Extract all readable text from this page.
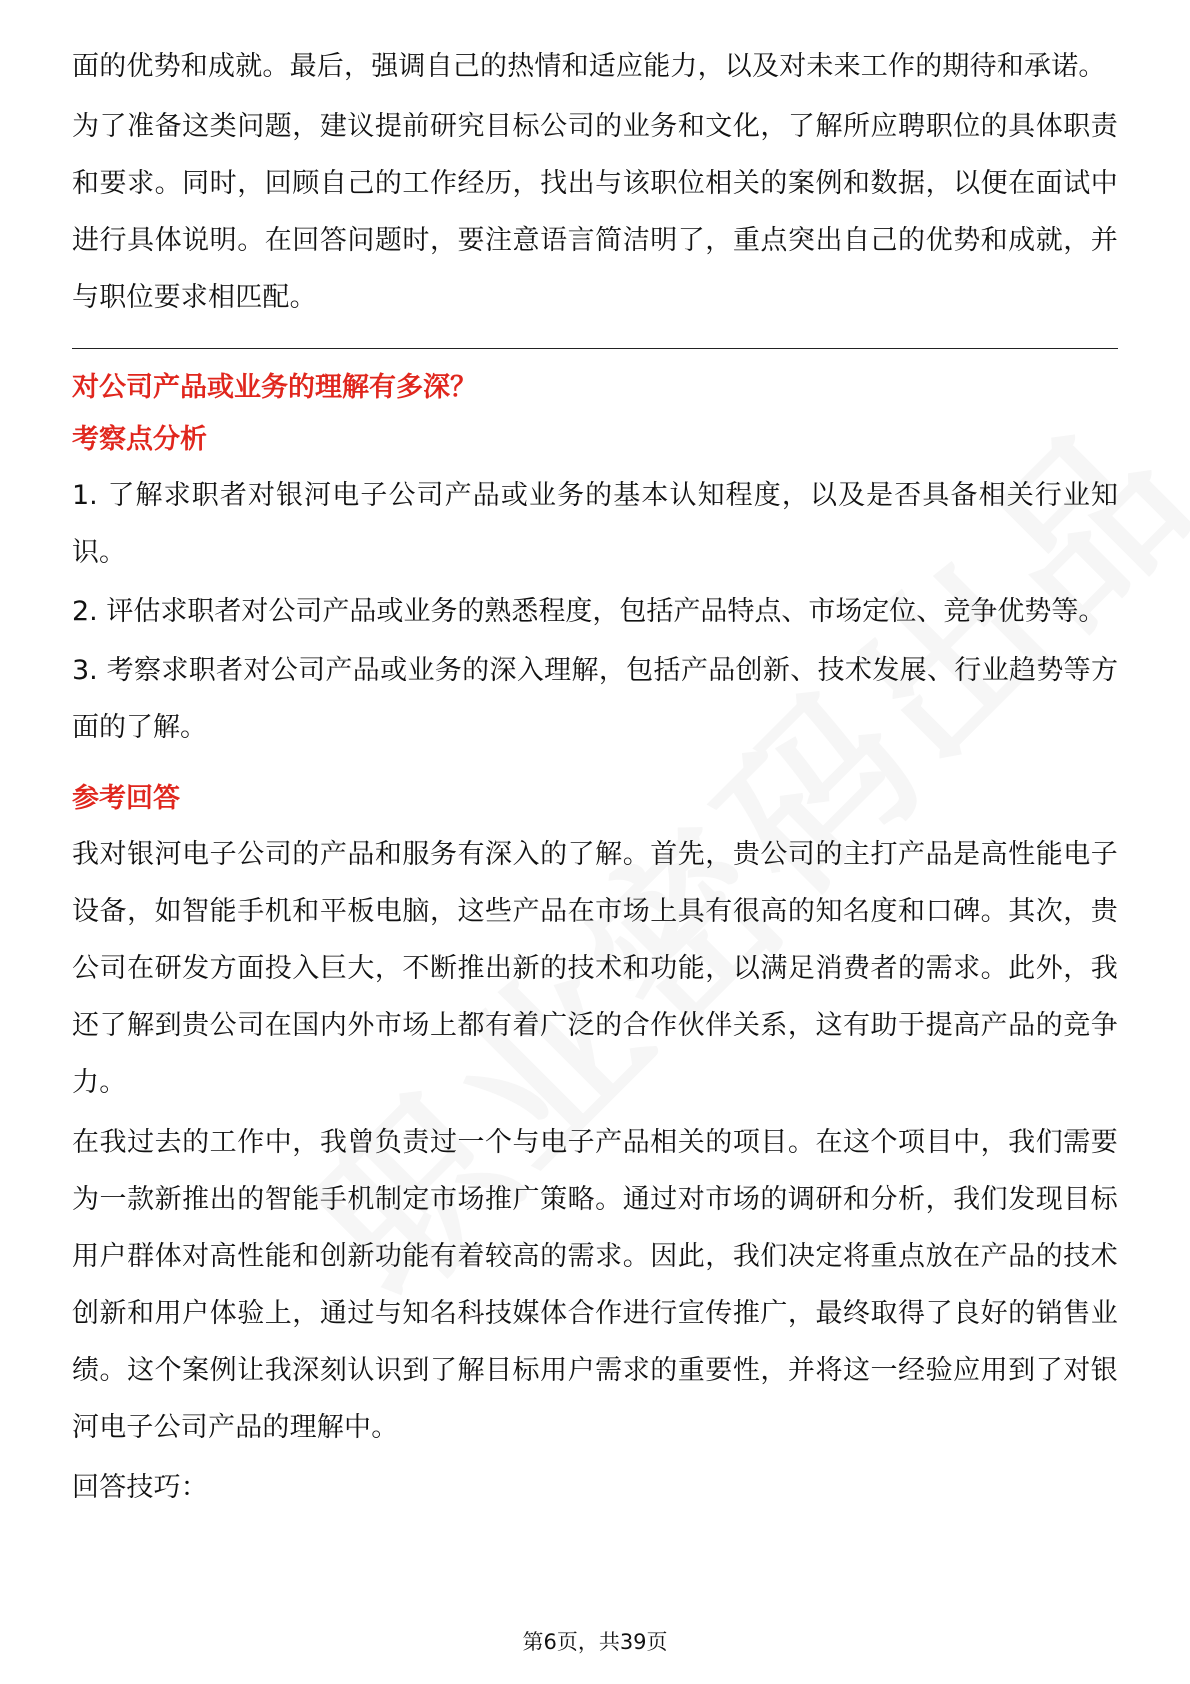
面的优势和成就。最后，强调自己的热情和适应能力，以及对未来工作的期待和承诺。

为了准备这类问题，建议提前研究目标公司的业务和文化，了解所应聘职位的具体职责和要求。同时，回顾自己的工作经历，找出与该职位相关的案例和数据，以便在面试中进行具体说明。在回答问题时，要注意语言简洁明了，重点突出自己的优势和成就，并与职位要求相匹配。

对公司产品或业务的理解有多深？

考察点分析

1. 了解求职者对银河电子公司产品或业务的基本认知程度，以及是否具备相关行业知识。

2. 评估求职者对公司产品或业务的熟悉程度，包括产品特点、市场定位、竞争优势等。

3. 考察求职者对公司产品或业务的深入理解，包括产品创新、技术发展、行业趋势等方面的了解。

参考回答

我对银河电子公司的产品和服务有深入的了解。首先，贵公司的主打产品是高性能电子设备，如智能手机和平板电脑，这些产品在市场上具有很高的知名度和口碑。其次，贵公司在研发方面投入巨大，不断推出新的技术和功能，以满足消费者的需求。此外，我还了解到贵公司在国内外市场上都有着广泛的合作伙伴关系，这有助于提高产品的竞争力。

在我过去的工作中，我曾负责过一个与电子产品相关的项目。在这个项目中，我们需要为一款新推出的智能手机制定市场推广策略。通过对市场的调研和分析，我们发现目标用户群体对高性能和创新功能有着较高的需求。因此，我们决定将重点放在产品的技术创新和用户体验上，通过与知名科技媒体合作进行宣传推广，最终取得了良好的销售业绩。这个案例让我深刻认识到了解目标用户需求的重要性，并将这一经验应用到了对银河电子公司产品的理解中。

回答技巧：

第6页，共39页
